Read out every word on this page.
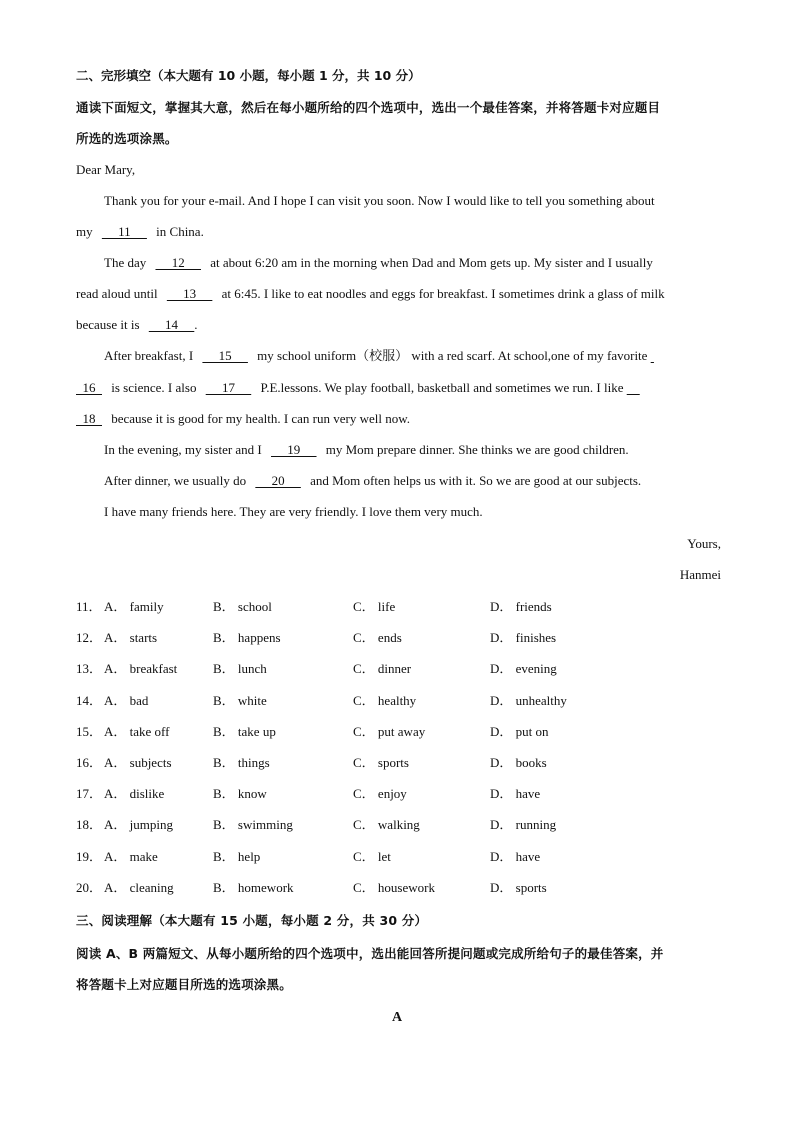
二、完形填空（本大题有 10 小题，每小题 1 分，共 10 分）
通读下面短文，掌握其大意，然后在每小题所给的四个选项中，选出一个最佳答案，并将答题卡对应题目
所选的选项涂黑。
Dear Mary,
Thank you for your e-mail. And I hope I can visit you soon. Now I would like to tell you something about
my      11      in China.
The day      12      at about 6:20 am in the morning when Dad and Mom gets up. My sister and I usually
read aloud until      13      at 6:45. I like to eat noodles and eggs for breakfast. I sometimes drink a glass of milk
because it is      14     .
After breakfast, I      15      my school uniform（校服） with a red scarf. At school,one of my favorite
16   is science. I also      17      P.E.lessons. We play football, basketball and sometimes we run. I like
18   because it is good for my health. I can run very well now.
In the evening, my sister and I      19      my Mom prepare dinner. She thinks we are good children.
After dinner, we usually do      20      and Mom often helps us with it. So we are good at our subjects.
I have many friends here. They are very friendly. I love them very much.
Yours,
Hanmei
11． A． family	B． school	C． life	D． friends
12． A． starts	B． happens	C． ends	D． finishes
13． A． breakfast	B． lunch	C． dinner	D． evening
14． A． bad	B． white	C． healthy	D． unhealthy
15． A． take off	B． take up	C． put away	D． put on
16． A． subjects	B． things	C． sports	D． books
17． A． dislike	B． know	C． enjoy	D． have
18． A． jumping	B． swimming	C． walking	D． running
19． A． make	B． help	C． let	D． have
20． A． cleaning	B． homework	C． housework	D． sports
三、阅读理解（本大题有 15 小题，每小题 2 分，共 30 分）
阅读 A、B 两篇短文、从每小题所给的四个选项中，选出能回答所提问题或完成所给句子的最佳答案，并
将答题卡上对应题目所选的选项涂黑。
A
